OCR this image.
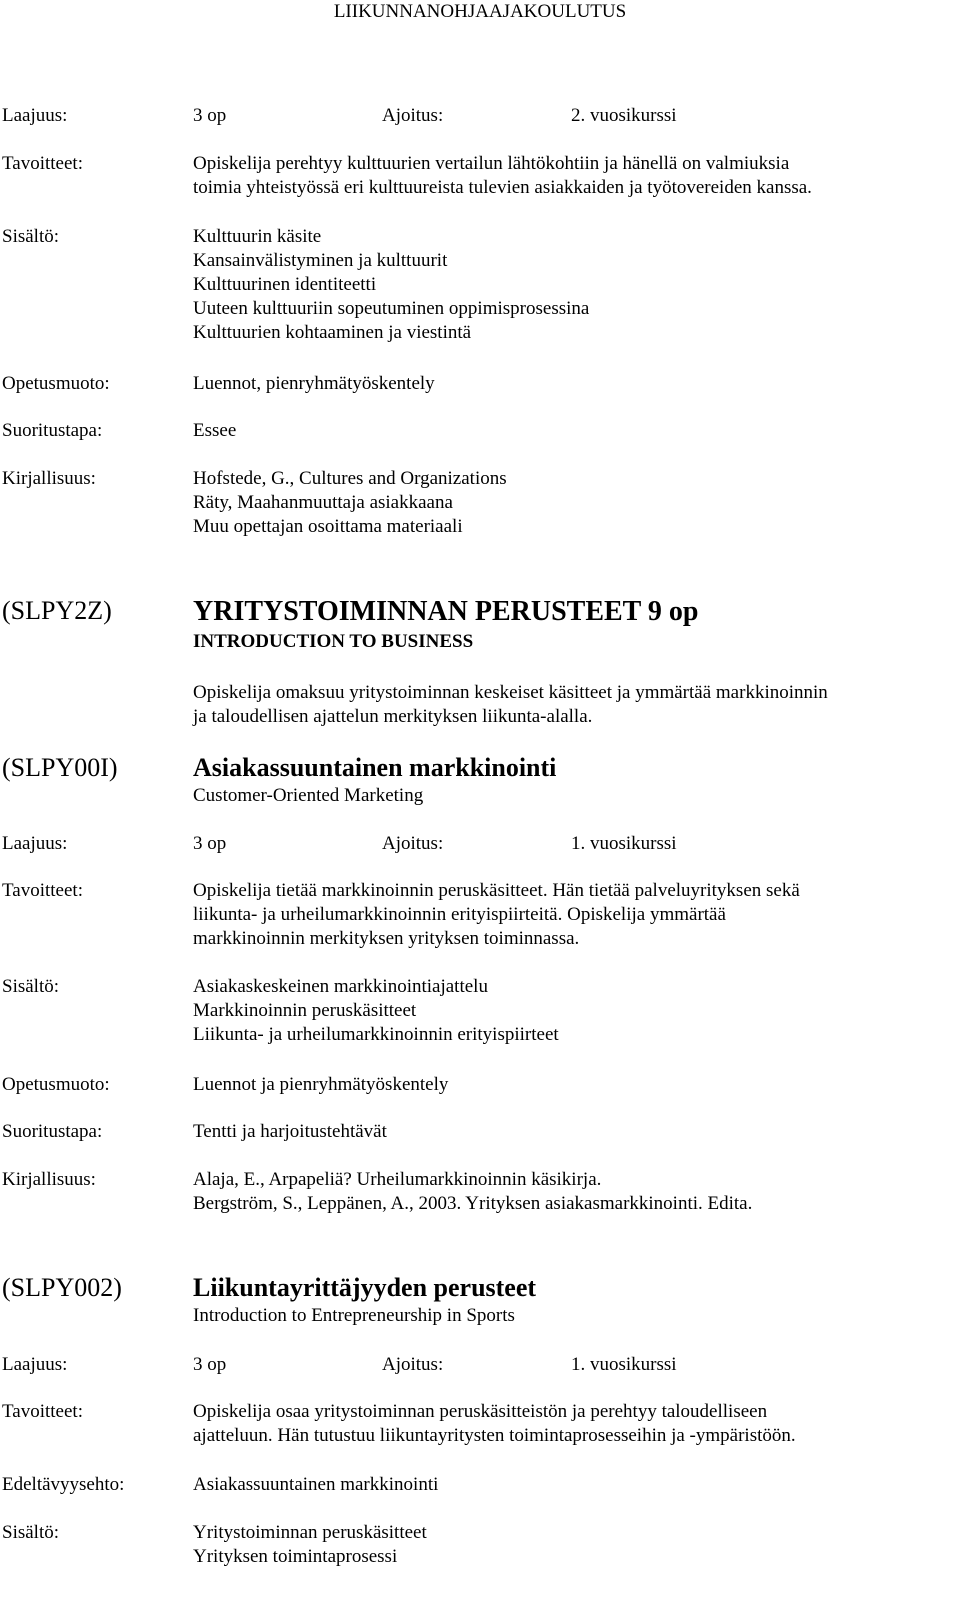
LIIKUNNANOHJAAJAKOULUTUS
Laajuus:	3 op	Ajoitus:	2. vuosikurssi
Tavoitteet:	Opiskelija perehtyy kulttuurien vertailun lähtökohtiin ja hänellä on valmiuksia
toimia yhteistyössä eri kulttuureista tulevien asiakkaiden ja työtovereiden kanssa.
Sisältö:	Kulttuurin käsite
Kansainvälistyminen ja kulttuurit
Kulttuurinen identiteetti
Uuteen kulttuuriin sopeutuminen oppimisprosessina
Kulttuurien kohtaaminen ja viestintä
Opetusmuoto:	Luennot, pienryhmätyöskentely
Suoritustapa:	Essee
Kirjallisuus:	Hofstede, G., Cultures and Organizations
Räty, Maahanmuuttaja asiakkaana
Muu opettajan osoittama materiaali
(SLPY2Z)	YRITYSTOIMINNAN PERUSTEET 9 op
INTRODUCTION TO BUSINESS
Opiskelija omaksuu yritystoiminnan keskeiset käsitteet ja ymmärtää markkinoinnin
ja taloudellisen ajattelun merkityksen liikunta-alalla.
(SLPY00I)	Asiakassuuntainen markkinointi
Customer-Oriented Marketing
Laajuus:	3 op	Ajoitus:	1. vuosikurssi
Tavoitteet:	Opiskelija tietää markkinoinnin peruskäsitteet. Hän tietää palveluyrityksen sekä
liikunta- ja urheilumarkkinoinnin erityispiirteitä. Opiskelija ymmärtää
markkinoinnin merkityksen yrityksen toiminnassa.
Sisältö:	Asiakaskeskeinen markkinointiajattelu
Markkinoinnin peruskäsitteet
Liikunta- ja urheilumarkkinoinnin erityispiirteet
Opetusmuoto:	Luennot ja pienryhmätyöskentely
Suoritustapa:	Tentti ja harjoitustehtävät
Kirjallisuus:	Alaja, E., Arpapeliä? Urheilumarkkinoinnin käsikirja.
Bergström, S., Leppänen, A., 2003. Yrityksen asiakasmarkkinointi. Edita.
(SLPY002)	Liikuntayrittäjyyden perusteet
Introduction to Entrepreneurship in Sports
Laajuus:	3 op	Ajoitus:	1. vuosikurssi
Tavoitteet:	Opiskelija osaa yritystoiminnan peruskäsitteistön ja perehtyy taloudelliseen
ajatteluun. Hän tutustuu liikuntayritysten toimintaprosesseihin ja -ympäristöön.
Edeltävyysehto:	Asiakassuuntainen markkinointi
Sisältö:	Yritystoiminnan peruskäsitteet
Yrityksen toimintaprosessi
